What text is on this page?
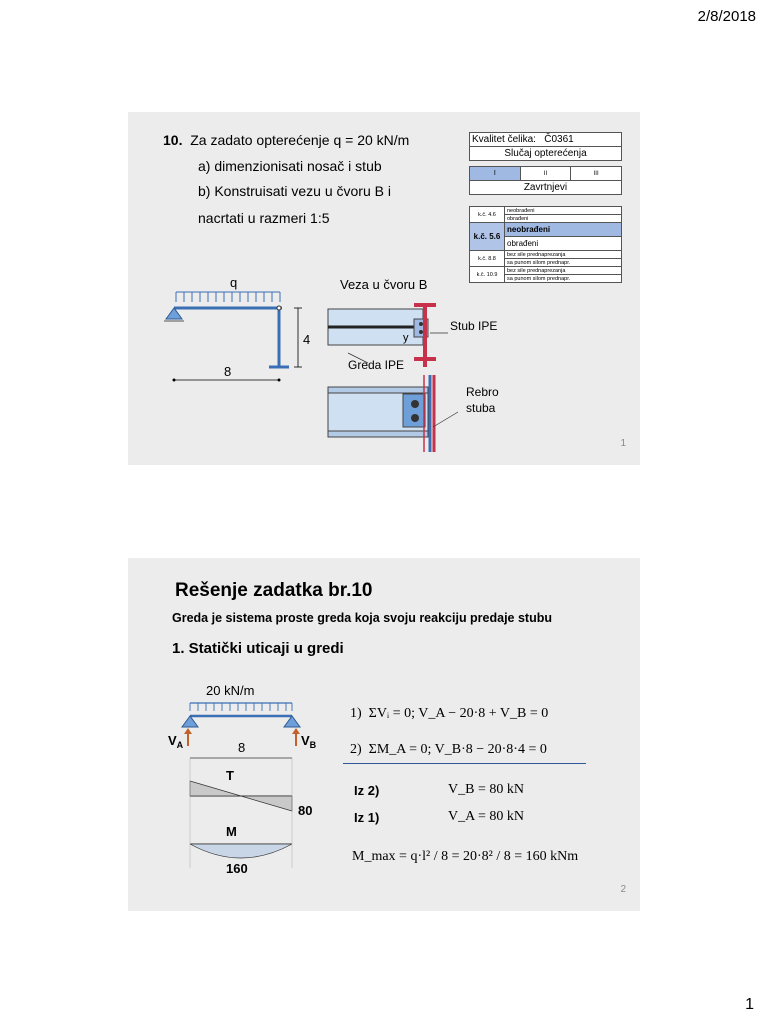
2/8/2018
10. Za zadato opterećenje q = 20 kN/m
a) dimenzionisati nosač i stub
b) Konstruisati vezu u čvoru B i
nacrtati u razmeri 1:5
Kvalitet čelika: Č0361
Slučaj opterećenja
I	II	III
Zavrtnjevi
k.č. 4.6	neobrađeni
	obrađeni
k.č. 5.6	neobrađeni
	obrađeni
k.č. 8.8	bez sile prednaprezanja
	sa punom silom prednapr.
k.č. 10.9	bez sile prednaprezanja
	sa punom silom prednapr.
q
4
8
Veza u čvoru B
Stub IPE
y
Greda IPE
Rebro
stuba
1
Rešenje zadatka br.10
Greda je sistema proste greda koja svoju reakciju predaje stubu
1. Statički uticaji u gredi
20 kN/m
$V_A$	$V_B$
8
T
80
M
160
1) ΣVᵢ = 0; V_A − 20·8 + V_B = 0
2) ΣM_A = 0; V_B·8 − 20·8·4 = 0
Iz 2)	V_B = 80 kN
Iz 1)	V_A = 80 kN
M_max = q·l² / 8 = 20·8² / 8 = 160 kNm
2
1
